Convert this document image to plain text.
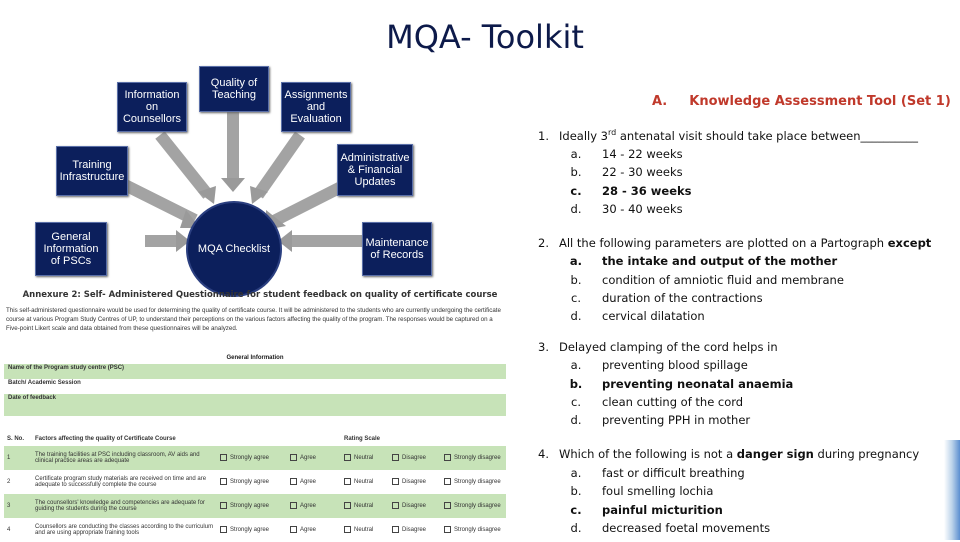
MQA- Toolkit
Quality of Teaching
Information on Counsellors
Assignments and Evaluation
Training Infrastructure
Administrative & Financial Updates
General Information of PSCs
Maintenance of Records
MQA Checklist
Annexure 2: Self- Administered Questionnaire for student feedback on quality of certificate course
This self-administered questionnaire would be used for determining the quality of certificate course. It will be administered to the students who are currently undergoing the certificate course at various Program Study Centres of UP, to understand their perceptions on the various factors affecting the quality of the program. The responses would be captured on a Five-point Likert scale and data obtained from these questionnaires will be analyzed.
General Information
Name of the Program study centre (PSC)
Batch/ Academic Session
Date of feedback
S. No.	Factors affecting the quality of Certificate Course			Rating Scale		
1	The training facilities at PSC including classroom, AV aids and clinical practice areas are adequate	Strongly agree	Agree	Neutral	Disagree	Strongly disagree
2	Certificate program study materials are received on time and are adequate to successfully complete the course	Strongly agree	Agree	Neutral	Disagree	Strongly disagree
3	The counsellors' knowledge and competencies are adequate for guiding the students during the course	Strongly agree	Agree	Neutral	Disagree	Strongly disagree
4	Counsellors are conducting the classes according to the curriculum and are using appropriate training tools	Strongly agree	Agree	Neutral	Disagree	Strongly disagree
A. Knowledge Assessment Tool (Set 1)
1. Ideally 3rd antenatal visit should take place between__________
a. 14 - 22 weeks
b. 22 - 30 weeks
c. 28 - 36 weeks
d. 30 - 40 weeks
2. All the following parameters are plotted on a Partograph except
a. the intake and output of the mother
b. condition of amniotic fluid and membrane
c. duration of the contractions
d. cervical dilatation
3. Delayed clamping of the cord helps in
a. preventing blood spillage
b. preventing neonatal anaemia
c. clean cutting of the cord
d. preventing PPH in mother
4. Which of the following is not a danger sign during pregnancy
a. fast or difficult breathing
b. foul smelling lochia
c. painful micturition
d. decreased foetal movements
